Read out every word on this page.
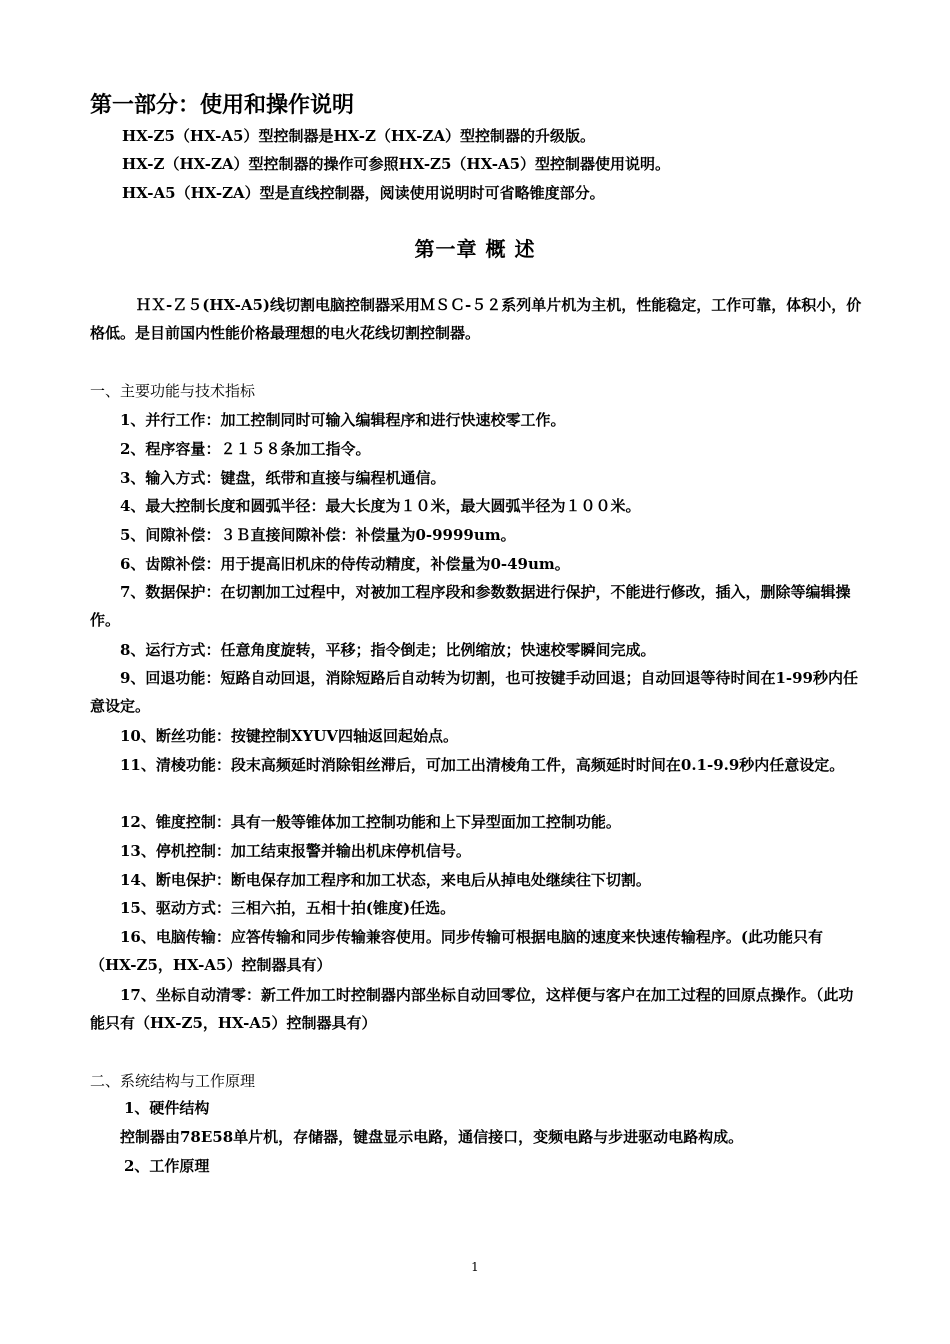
第一部分：使用和操作说明
HX-Z5（HX-A5）型控制器是HX-Z（HX-ZA）型控制器的升级版。
HX-Z（HX-ZA）型控制器的操作可参照HX-Z5（HX-A5）型控制器使用说明。
HX-A5（HX-ZA）型是直线控制器，阅读使用说明时可省略锥度部分。
第一章 概 述
ＨＸ-Ｚ５(HX-A5)线切割电脑控制器采用ＭＳＣ-５２系列单片机为主机，性能稳定，工作可靠，体积小，价格低。是目前国内性能价格最理想的电火花线切割控制器。
一、主要功能与技术指标
1、并行工作：加工控制同时可输入编辑程序和进行快速校零工作。
2、程序容量：２１５８条加工指令。
3、输入方式：键盘，纸带和直接与编程机通信。
4、最大控制长度和圆弧半径：最大长度为１０米，最大圆弧半径为１００米。
5、间隙补偿：３Ｂ直接间隙补偿：补偿量为0-9999um。
6、齿隙补偿：用于提高旧机床的侍传动精度，补偿量为0-49um。
7、数据保护：在切割加工过程中，对被加工程序段和参数数据进行保护，不能进行修改，插入，删除等编辑操作。
8、运行方式：任意角度旋转，平移；指令倒走；比例缩放；快速校零瞬间完成。
9、回退功能：短路自动回退，消除短路后自动转为切割，也可按键手动回退；自动回退等待时间在1-99秒内任意设定。
10、断丝功能：按键控制XYUV四轴返回起始点。
11、清棱功能：段末高频延时消除钼丝滞后，可加工出清棱角工件，高频延时时间在0.1-9.9秒内任意设定。
12、锥度控制：具有一般等锥体加工控制功能和上下异型面加工控制功能。
13、停机控制：加工结束报警并输出机床停机信号。
14、断电保护：断电保存加工程序和加工状态，来电后从掉电处继续往下切割。
15、驱动方式：三相六拍，五相十拍(锥度)任选。
16、电脑传输：应答传输和同步传输兼容使用。同步传输可根据电脑的速度来快速传输程序。(此功能只有（HX-Z5，HX-A5）控制器具有）
17、坐标自动清零：新工件加工时控制器内部坐标自动回零位，这样便与客户在加工过程的回原点操作。（此功能只有（HX-Z5，HX-A5）控制器具有）
二、系统结构与工作原理
1、硬件结构
控制器由78E58单片机，存储器，键盘显示电路，通信接口，变频电路与步进驱动电路构成。
2、工作原理
1
